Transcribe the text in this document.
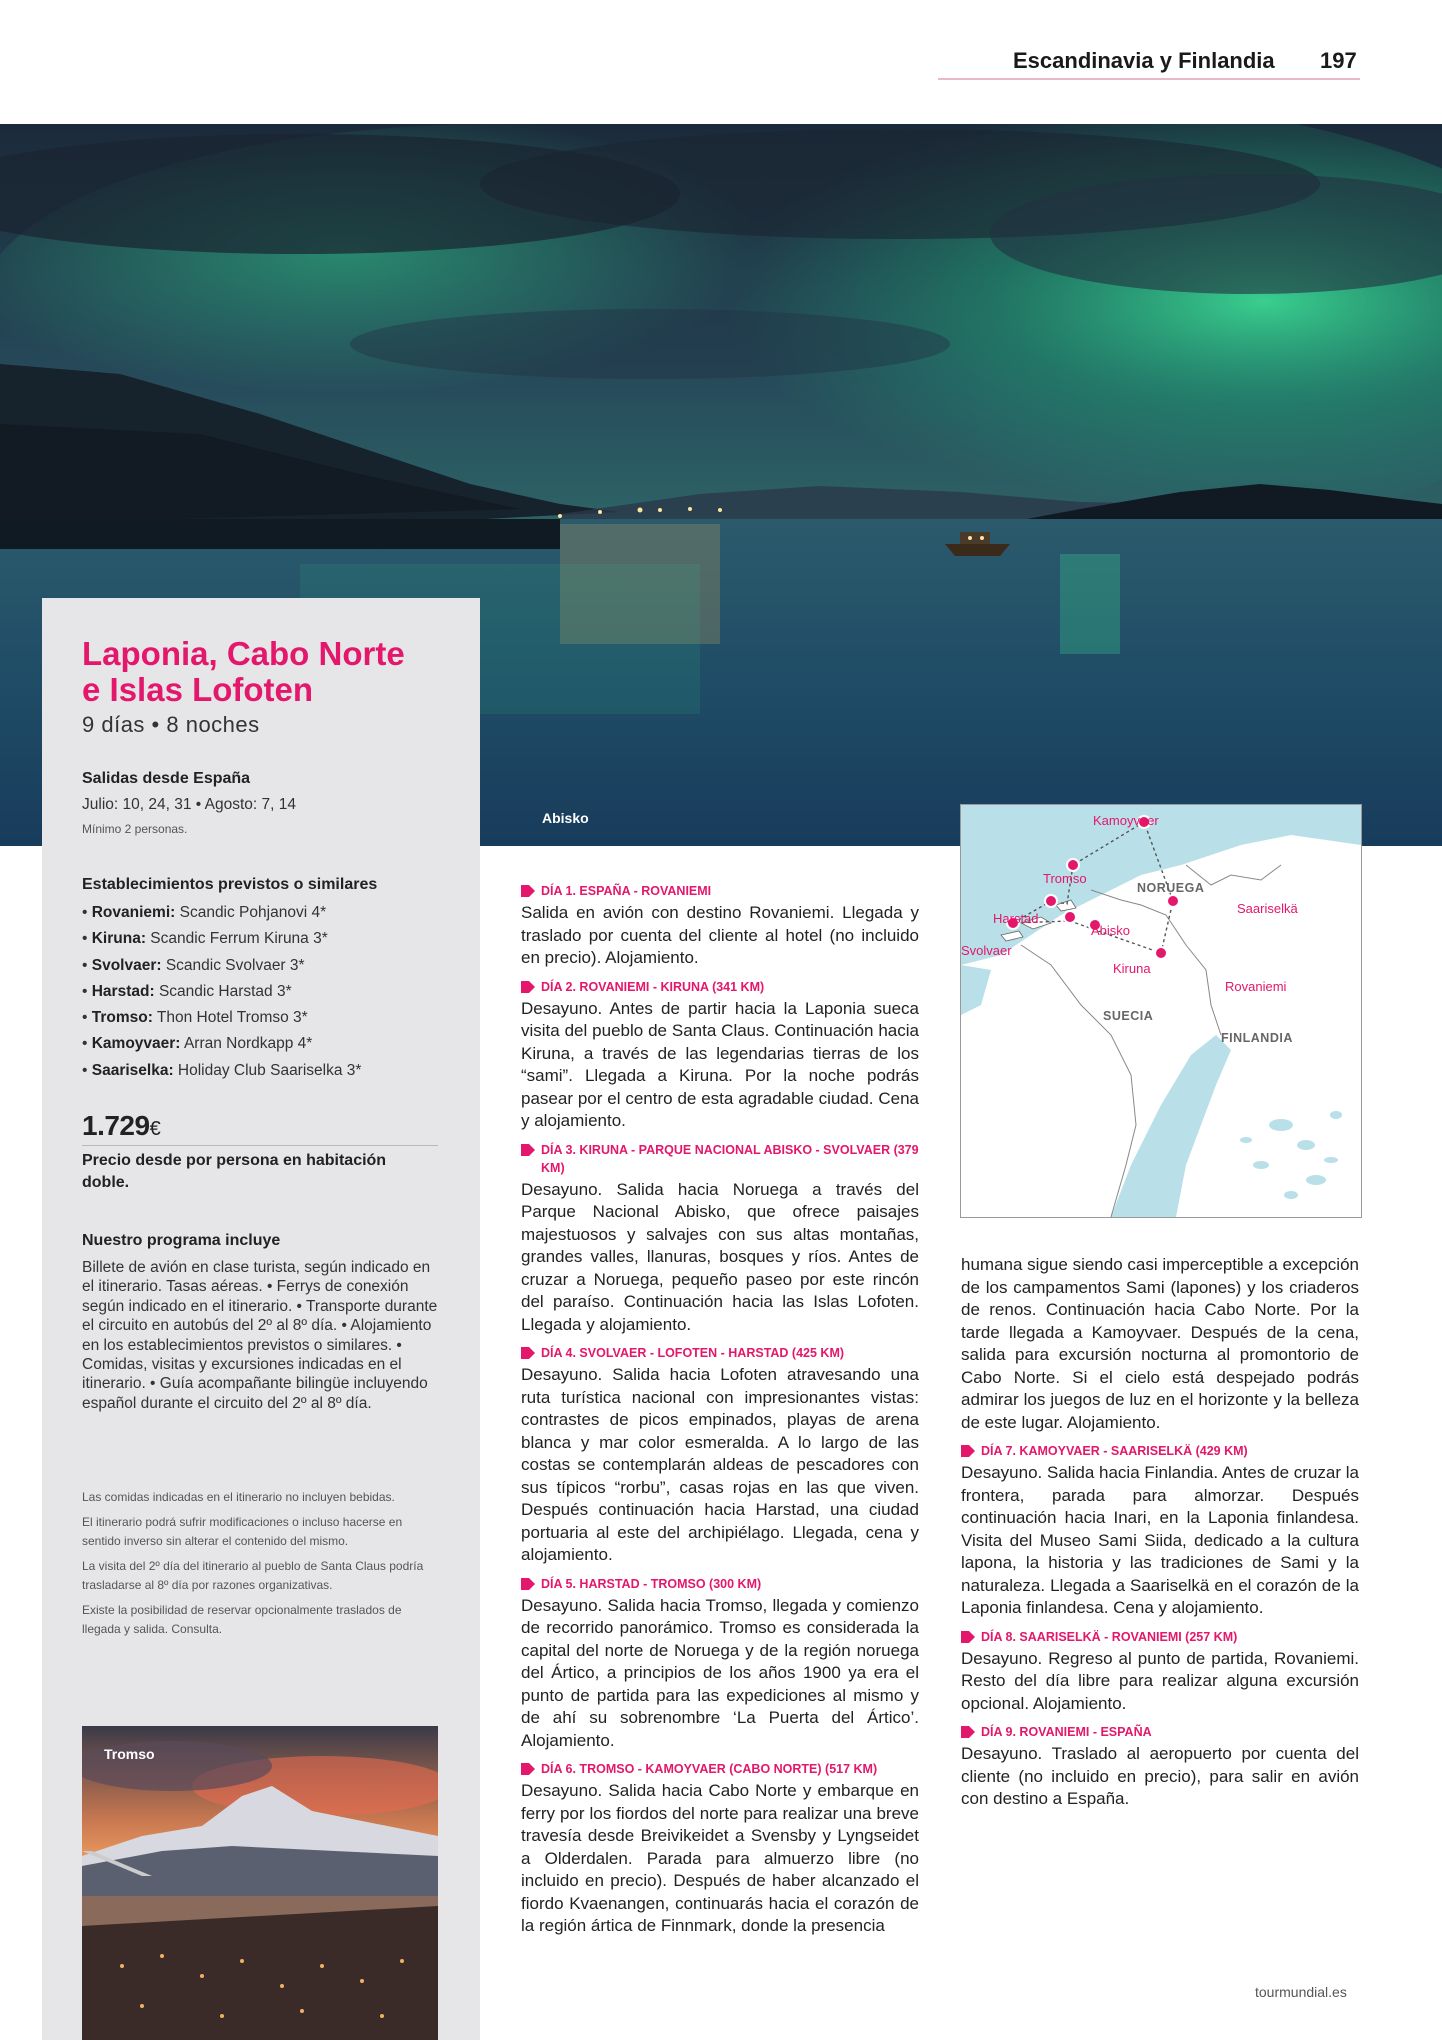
Escandinavia y Finlandia 197
Abisko
Laponia, Cabo Norte
e Islas Lofoten
9 días • 8 noches
Salidas desde España
Julio: 10, 24, 31 • Agosto: 7, 14
Mínimo 2 personas.
Establecimientos previstos o similares
• Rovaniemi: Scandic Pohjanovi 4*
• Kiruna: Scandic Ferrum Kiruna 3*
• Svolvaer: Scandic Svolvaer 3*
• Harstad: Scandic Harstad 3*
• Tromso: Thon Hotel Tromso 3*
• Kamoyvaer: Arran Nordkapp 4*
• Saariselka: Holiday Club Saariselka 3*
1.729€
Precio desde por persona en habitación doble.
Nuestro programa incluye
Billete de avión en clase turista, según indicado en el itinerario. Tasas aéreas. • Ferrys de conexión según indicado en el itinerario. • Transporte durante el circuito en autobús del 2º al 8º día. • Alojamiento en los establecimientos previstos o similares. • Comidas, visitas y excursiones indicadas en el itinerario. • Guía acompañante bilingüe incluyendo español durante el circuito del 2º al 8º día.

Las comidas indicadas en el itinerario no incluyen bebidas.

El itinerario podrá sufrir modificaciones o incluso hacerse en sentido inverso sin alterar el contenido del mismo.

La visita del 2º día del itinerario al pueblo de Santa Claus podría trasladarse al 8º día por razones organizativas.

Existe la posibilidad de reservar opcionalmente traslados de llegada y salida. Consulta.

Tromso
Kamoyvaer
Tromso
Harstad
Svolvaer
Abisko
Kiruna
Saariselkä
Rovaniemi
NORUEGA
SUECIA
FINLANDIA
DÍA 1. ESPAÑA - ROVANIEMI

Salida en avión con destino Rovaniemi. Llegada y traslado por cuenta del cliente al hotel (no incluido en precio). Alojamiento.

DÍA 2. ROVANIEMI - KIRUNA (341 KM)

Desayuno. Antes de partir hacia la Laponia sueca visita del pueblo de Santa Claus. Continuación hacia Kiruna, a través de las legendarias tierras de los “sami”. Llegada a Kiruna. Por la noche podrás pasear por el centro de esta agradable ciudad. Cena y alojamiento.

DÍA 3. KIRUNA - PARQUE NACIONAL ABISKO - SVOLVAER (379 KM)

Desayuno. Salida hacia Noruega a través del Parque Nacional Abisko, que ofrece paisajes majestuosos y salvajes con sus altas montañas, grandes valles, llanuras, bosques y ríos. Antes de cruzar a Noruega, pequeño paseo por este rincón del paraíso. Continuación hacia las Islas Lofoten. Llegada y alojamiento.

DÍA 4. SVOLVAER - LOFOTEN - HARSTAD (425 KM)

Desayuno. Salida hacia Lofoten atravesando una ruta turística nacional con impresionantes vistas: contrastes de picos empinados, playas de arena blanca y mar color esmeralda. A lo largo de las costas se contemplarán aldeas de pescadores con sus típicos “rorbu”, casas rojas en las que viven. Después continuación hacia Harstad, una ciudad portuaria al este del archipiélago. Llegada, cena y alojamiento.

DÍA 5. HARSTAD - TROMSO (300 KM)

Desayuno. Salida hacia Tromso, llegada y comienzo de recorrido panorámico. Tromso es considerada la capital del norte de Noruega y de la región noruega del Ártico, a principios de los años 1900 ya era el punto de partida para las expediciones al mismo y de ahí su sobrenombre ‘La Puerta del Ártico’. Alojamiento.

DÍA 6. TROMSO - KAMOYVAER (CABO NORTE) (517 KM)

Desayuno. Salida hacia Cabo Norte y embarque en ferry por los fiordos del norte para realizar una breve travesía desde Breivikeidet a Svensby y Lyngseidet a Olderdalen. Parada para almuerzo libre (no incluido en precio). Después de haber alcanzado el fiordo Kvaenangen, continuarás hacia el corazón de la región ártica de Finnmark, donde la presencia

humana sigue siendo casi imperceptible a excepción de los campamentos Sami (lapones) y los criaderos de renos. Continuación hacia Cabo Norte. Por la tarde llegada a Kamoyvaer. Después de la cena, salida para excursión nocturna al promontorio de Cabo Norte. Si el cielo está despejado podrás admirar los juegos de luz en el horizonte y la belleza de este lugar. Alojamiento.

DÍA 7. KAMOYVAER - SAARISELKÄ (429 KM)

Desayuno. Salida hacia Finlandia. Antes de cruzar la frontera, parada para almorzar. Después continuación hacia Inari, en la Laponia finlandesa. Visita del Museo Sami Siida, dedicado a la cultura lapona, la historia y las tradiciones de Sami y la naturaleza. Llegada a Saariselkä en el corazón de la Laponia finlandesa. Cena y alojamiento.

DÍA 8. SAARISELKÄ - ROVANIEMI (257 KM)

Desayuno. Regreso al punto de partida, Rovaniemi. Resto del día libre para realizar alguna excursión opcional. Alojamiento.

DÍA 9. ROVANIEMI - ESPAÑA

Desayuno. Traslado al aeropuerto por cuenta del cliente (no incluido en precio), para salir en avión con destino a España.

tourmundial.es
